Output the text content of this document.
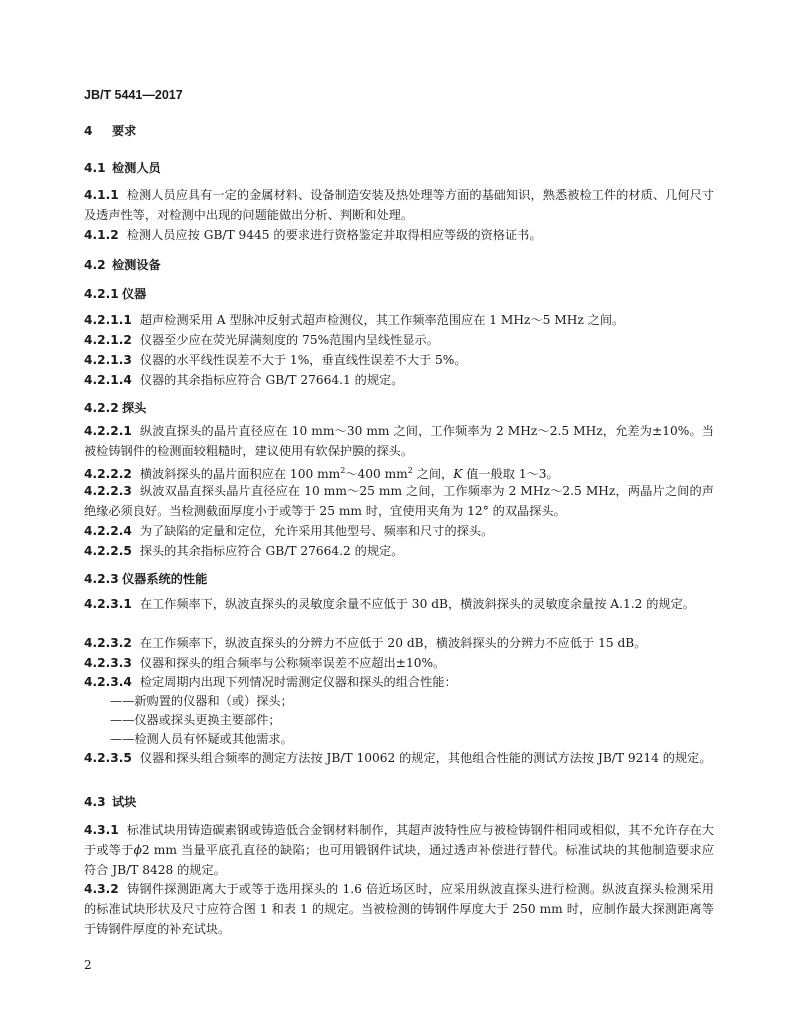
JB/T 5441—2017
4 要求
4.1 检测人员

4.1.1 检测人员应具有一定的金属材料、设备制造安装及热处理等方面的基础知识，熟悉被检工件的材质、几何尺寸及透声性等，对检测中出现的问题能做出分析、判断和处理。

4.1.2 检测人员应按 GB/T 9445 的要求进行资格鉴定并取得相应等级的资格证书。

4.2 检测设备
4.2.1 仪器

4.2.1.1 超声检测采用 A 型脉冲反射式超声检测仪，其工作频率范围应在 1 MHz～5 MHz 之间。

4.2.1.2 仪器至少应在荧光屏满刻度的 75%范围内呈线性显示。

4.2.1.3 仪器的水平线性误差不大于 1%，垂直线性误差不大于 5%。

4.2.1.4 仪器的其余指标应符合 GB/T 27664.1 的规定。

4.2.2 探头

4.2.2.1 纵波直探头的晶片直径应在 10 mm～30 mm 之间，工作频率为 2 MHz～2.5 MHz，允差为±10%。当被检铸钢件的检测面较粗糙时，建议使用有软保护膜的探头。

4.2.2.2 横波斜探头的晶片面积应在 100 $mm^2\sim 400$ $mm^2$ 之间，K 值一般取 1～3。

4.2.2.3 纵波双晶直探头晶片直径应在 10 mm～25 mm 之间，工作频率为 2 MHz～2.5 MHz，两晶片之间的声绝缘必须良好。当检测截面厚度小于或等于 25 mm 时，宜使用夹角为 12° 的双晶探头。

4.2.2.4 为了缺陷的定量和定位，允许采用其他型号、频率和尺寸的探头。

4.2.2.5 探头的其余指标应符合 GB/T 27664.2 的规定。

4.2.3 仪器系统的性能

4.2.3.1 在工作频率下，纵波直探头的灵敏度余量不应低于 30 dB，横波斜探头的灵敏度余量按 A.1.2 的规定。

4.2.3.2 在工作频率下，纵波直探头的分辨力不应低于 20 dB，横波斜探头的分辨力不应低于 15 dB。

4.2.3.3 仪器和探头的组合频率与公称频率误差不应超出±10%。

4.2.3.4 检定周期内出现下列情况时需测定仪器和探头的组合性能：

——新购置的仪器和（或）探头；
——仪器或探头更换主要部件；
——检测人员有怀疑或其他需求。

4.2.3.5 仪器和探头组合频率的测定方法按 JB/T 10062 的规定，其他组合性能的测试方法按 JB/T 9214 的规定。

4.3 试块

4.3.1 标准试块用铸造碳素钢或铸造低合金钢材料制作，其超声波特性应与被检铸钢件相同或相似，其不允许存在大于或等于ϕ2 mm 当量平底孔直径的缺陷；也可用锻钢件试块，通过透声补偿进行替代。标准试块的其他制造要求应符合 JB/T 8428 的规定。

4.3.2 铸钢件探测距离大于或等于选用探头的 1.6 倍近场区时，应采用纵波直探头进行检测。纵波直探头检测采用的标准试块形状及尺寸应符合图 1 和表 1 的规定。当被检测的铸钢件厚度大于 250 mm 时，应制作最大探测距离等于铸钢件厚度的补充试块。

2
